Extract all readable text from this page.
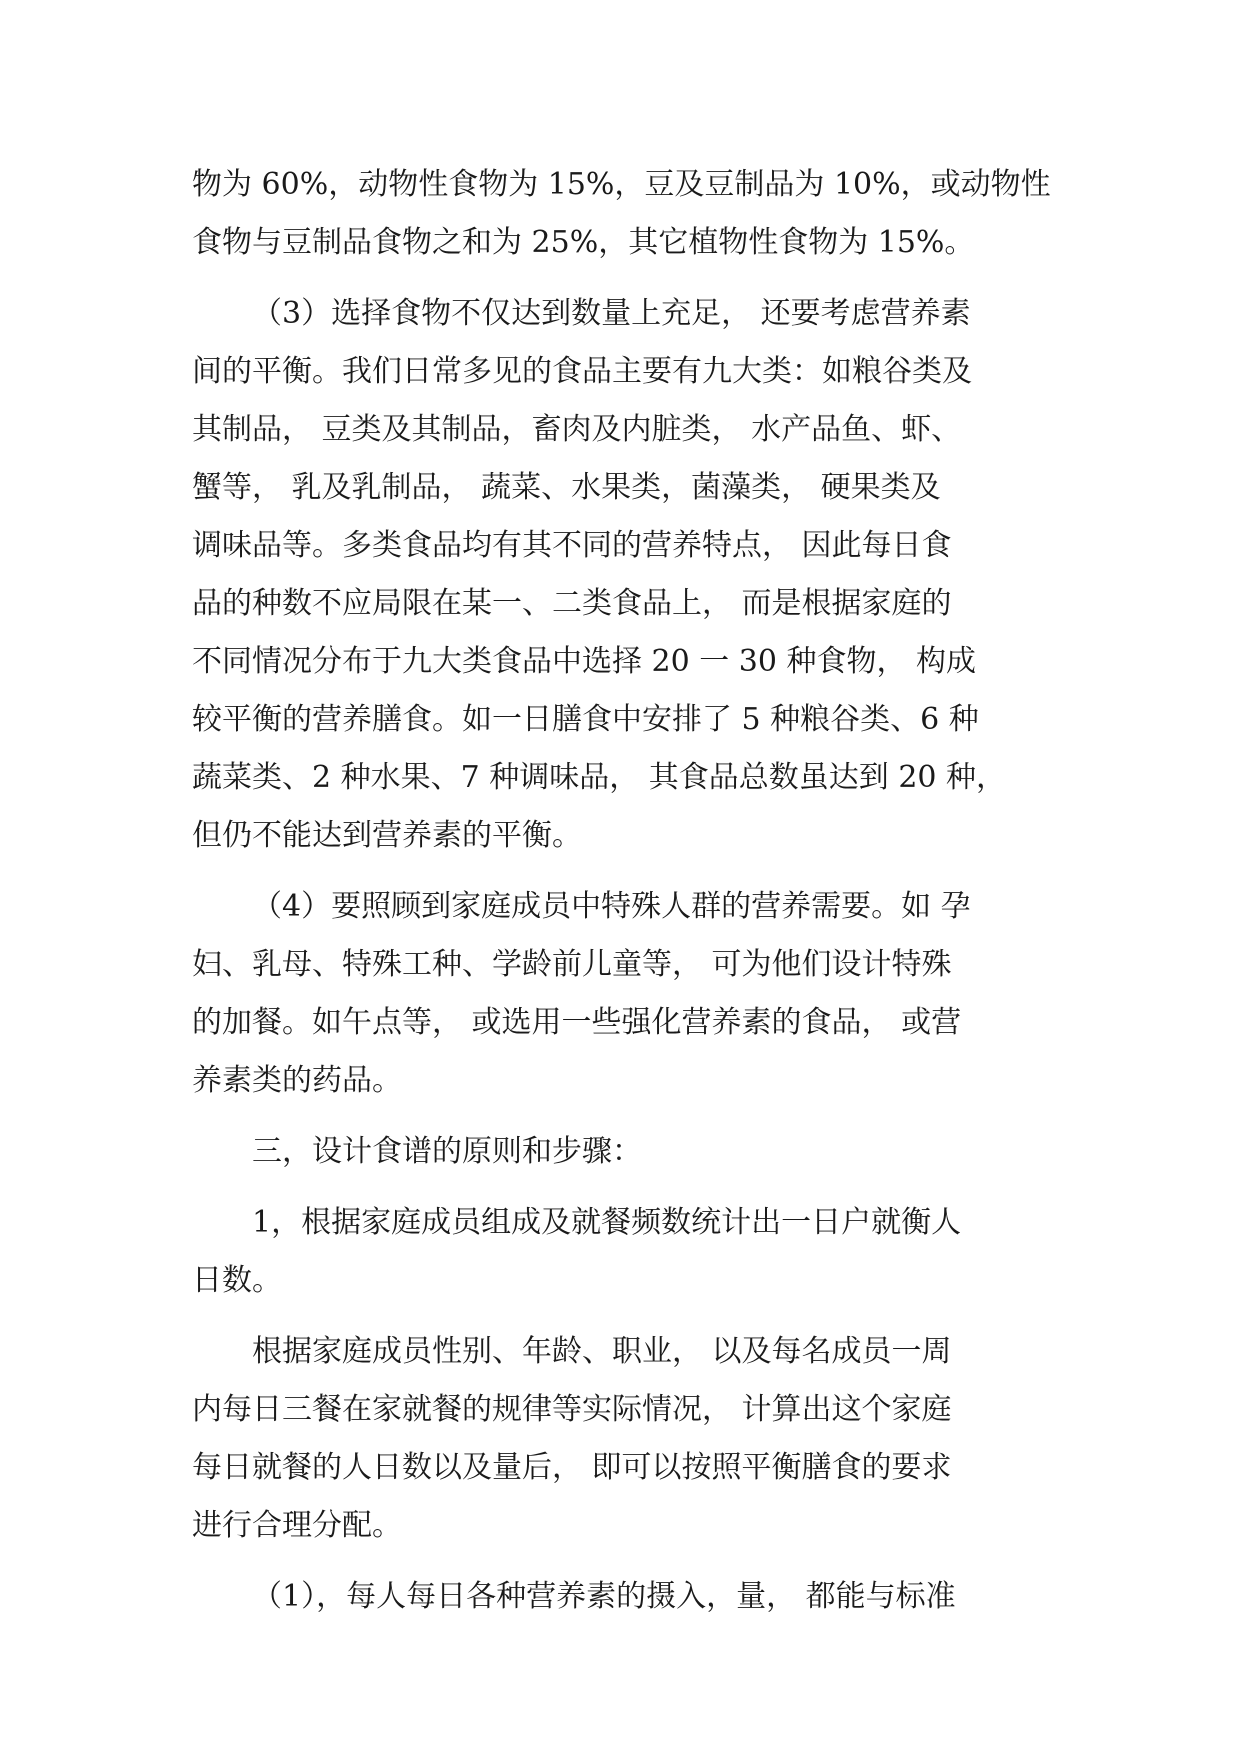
物为 60%，动物性食物为 15%，豆及豆制品为 10%，或动物性
食物与豆制品食物之和为 25%，其它植物性食物为 15%。
（3）选择食物不仅达到数量上充足， 还要考虑营养素
间的平衡。我们日常多见的食品主要有九大类：如粮谷类及
其制品， 豆类及其制品，畜肉及内脏类， 水产品鱼、虾、
蟹等， 乳及乳制品， 蔬菜、水果类，菌藻类， 硬果类及
调味品等。多类食品均有其不同的营养特点， 因此每日食
品的种数不应局限在某一、二类食品上， 而是根据家庭的
不同情况分布于九大类食品中选择 20 一 30 种食物， 构成
较平衡的营养膳食。如一日膳食中安排了 5 种粮谷类、6 种
蔬菜类、2 种水果、7 种调味品， 其食品总数虽达到 20 种，
但仍不能达到营养素的平衡。
（4）要照顾到家庭成员中特殊人群的营养需要。如 孕
妇、乳母、特殊工种、学龄前儿童等， 可为他们设计特殊
的加餐。如午点等， 或选用一些强化营养素的食品， 或营
养素类的药品。
三，设计食谱的原则和步骤：
1，根据家庭成员组成及就餐频数统计出一日户就衡人
日数。
根据家庭成员性别、年龄、职业， 以及每名成员一周
内每日三餐在家就餐的规律等实际情况， 计算出这个家庭
每日就餐的人日数以及量后， 即可以按照平衡膳食的要求
进行合理分配。
（1），每人每日各种营养素的摄入，量， 都能与标准
